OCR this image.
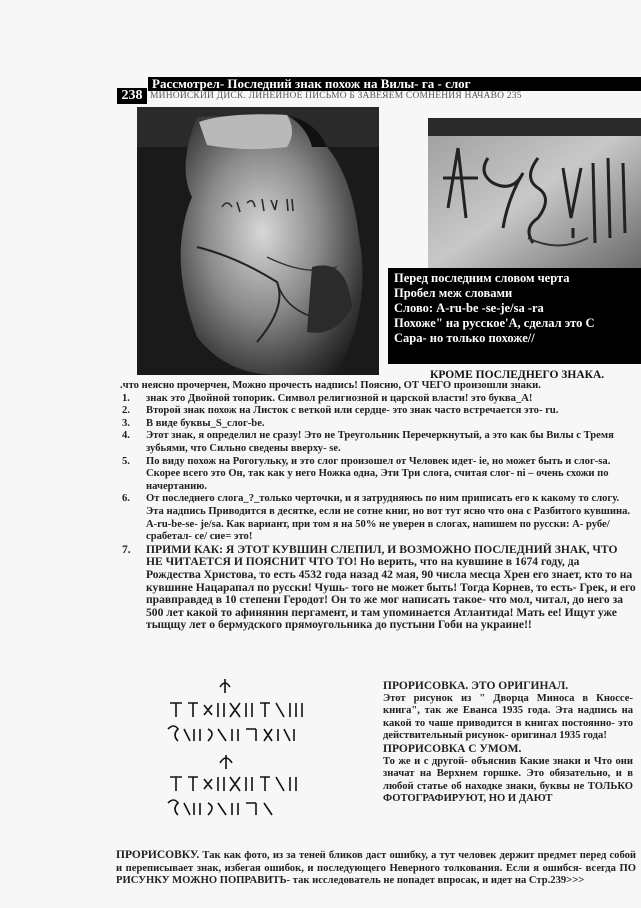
Рассмотрел- Последний знак похож на Вилы- га - слог
238 МИНОЙСКИЙ ДИСК. ЛИНЕЙНОЕ ПИСЬМО Б ЗАВЕЯЕМ СОМНЕНИЯ НАЧАВО 235
Перед последним словом черта
Пробел меж словами
Слово: A-ru-be -se-je/sa -ra
Похоже" на русское'А, сделал это С
Сара- но только похоже//
КРОМЕ ПОСЛЕДНЕГО ЗНАКА.

.что неясно прочерчен, Можно прочесть надпись! Поясню, ОТ ЧЕГО произошли знаки.

1. знак это Двойной топорик. Символ религиозной и царской власти! это буква_А!
2. Второй знак похож на Листок с веткой или сердце- это знак часто встречается это- ru.
3. В виде буквы_S_слог-be.
4. Этот знак, я определил не сразу! Это не Треугольник Перечеркнутый, а это как бы Вилы с Тремя зубьями, что Сильно сведены вверху- se.
5. По виду похож на Рогогульку, и это слог произошел от Человек идет- ie, но может быть и слог-sa. Скорее всего это Он, так как у него Ножка одна, Эти Три слога, считая слог- ni – очень схожи по начертанию.
6. От последнего слога_?_только черточки, и я затрудняюсь по ним приписать его к какому то слогу. Эта надпись Приводится в десятке, если не сотне книг, но вот тут ясно что она с Разбитого кувшина. A-ru-be-se- je/sa. Как вариант, при том я на 50% не уверен в слогах, напишем по русски: А- рубе/ срабетал- се/ сие= это!
7. ПРИМИ КАК: Я ЭТОТ КУВШИН СЛЕПИЛ, И ВОЗМОЖНО ПОСЛЕДНИЙ ЗНАК, ЧТО НЕ ЧИТАЕТСЯ И ПОЯСНИТ ЧТО ТО! Но верить, что на кувшине в 1674 году, да Рождества Христова, то есть 4532 года назад 42 мая, 90 числа месца Хрен его знает, кто то на кувшине Нацарапал по русски! Чушь- того не может быть! Тогда Корнев, то есть- Грек, и его правправдед в 10 степени Геродот! Он то же мог написать такое- что мол, читал, до него за 500 лет какой то афинянин пергамент, и там упоминается Атлантида! Мать ее! Ищут уже тыщщу лет о бермудского прямоугольника до пустыни Гоби на украине!!
ПРОРИСОВКА. ЭТО ОРИГИНАЛ.
Этот рисунок из " Дворца Миноса в Кноссе- книга", так же Еванса 1935 года. Эта надпись на какой то чаше приводится в книгах постоянно- это действительный рисунок- оригинал 1935 года!
ПРОРИСОВКА С УМОМ.
То же и с другой- объяснив Какие знаки и Что они значат на Верхнем горшке. Это обязательно, и в любой статье об находке знаки, буквы не ТОЛЬКО ФОТОГРАФИРУЮТ, НО И ДАЮТ
ПРОРИСОВКУ. Так как фото, из за теней бликов даст ошибку, а тут человек держит предмет перед собой и переписывает знак, избегая ошибок, и последующего Неверного толкования. Если я ошибся- всегда ПО РИСУНКУ МОЖНО ПОПРАВИТЬ- так исследователь не попадет впросак, и идет на Стр.239>>>
